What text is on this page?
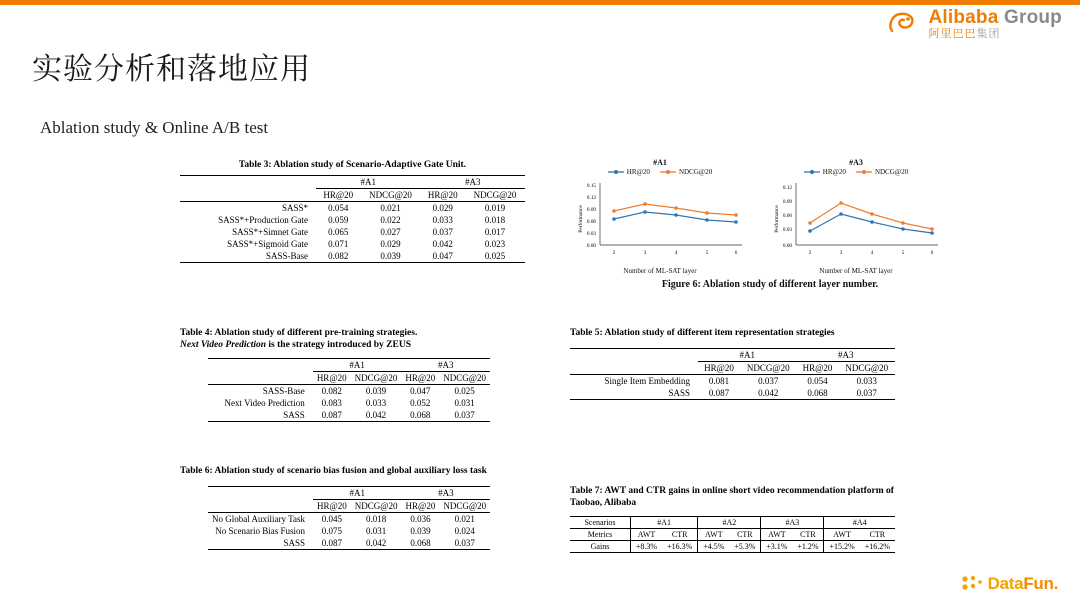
Alibaba Group
阿里巴巴集团
实验分析和落地应用
Ablation study & Online A/B test
Table 3: Ablation study of Scenario-Adaptive Gate Unit.
	#A1		#A3	
	HR@20	NDCG@20	HR@20	NDCG@20
SASS*	0.054	0.021	0.029	0.019
SASS*+Production Gate	0.059	0.022	0.033	0.018
SASS*+Simnet Gate	0.065	0.027	0.037	0.017
SASS*+Sigmoid Gate	0.071	0.029	0.042	0.023
SASS-Base	0.082	0.039	0.047	0.025
Table 4: Ablation study of different pre-training strategies.
Next Video Prediction is the strategy introduced by ZEUS
	#A1		#A3	
	HR@20	NDCG@20	HR@20	NDCG@20
SASS-Base	0.082	0.039	0.047	0.025
Next Video Prediction	0.083	0.033	0.052	0.031
SASS	0.087	0.042	0.068	0.037
Table 6: Ablation study of scenario bias fusion and global auxiliary loss task
	#A1		#A3	
	HR@20	NDCG@20	HR@20	NDCG@20
No Global Auxiliary Task	0.045	0.018	0.036	0.021
No Scenario Bias Fusion	0.075	0.031	0.039	0.024
SASS	0.087	0.042	0.068	0.037
#A1
HR@20	NDCG@20
0.15
0.12
0.09
0.06
0.03
0.00
Performance
2	3	4	5	6
Number of ML-SAT layer
#A3
HR@20	NDCG@20
0.12
0.09
0.06
0.03
0.00
Performance
2	3	4	5	6
Number of ML-SAT layer
Figure 6: Ablation study of different layer number.
Table 5: Ablation study of different item representation strategies
	#A1		#A3	
	HR@20	NDCG@20	HR@20	NDCG@20
Single Item Embedding	0.081	0.037	0.054	0.033
SASS	0.087	0.042	0.068	0.037
Table 7: AWT and CTR gains in online short video recommendation platform of Taobao, Alibaba
Scenarios	#A1		#A2		#A3		#A4	
Metrics	AWT	CTR	AWT	CTR	AWT	CTR	AWT	CTR
Gains	+8.3%	+16.3%	+4.5%	+5.3%	+3.1%	+1.2%	+15.2%	+16.2%
DataFun.
